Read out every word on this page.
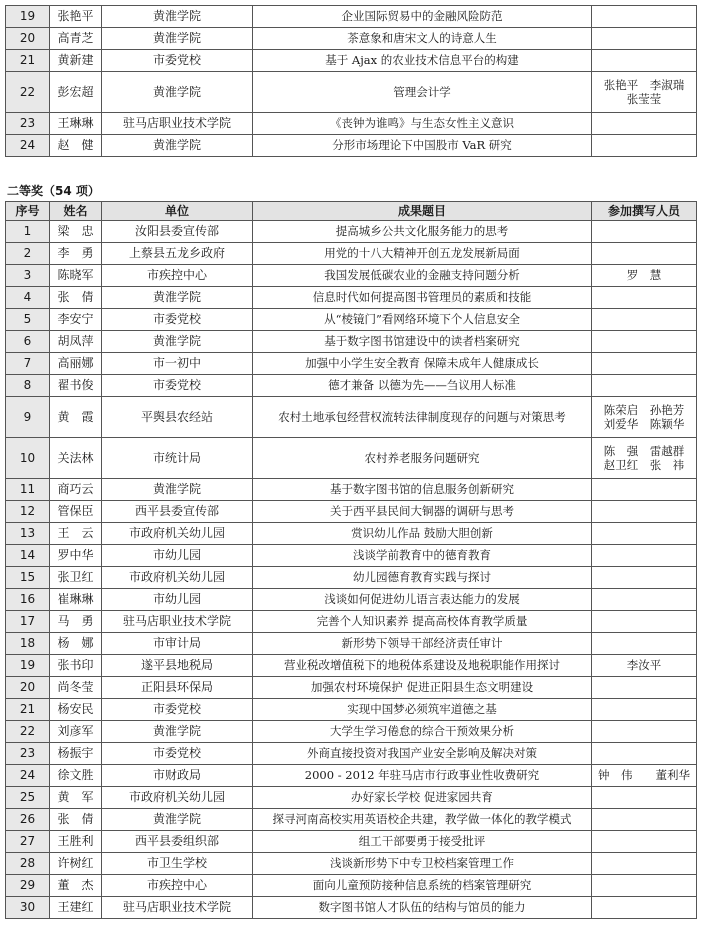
19	张艳平	黄淮学院	企业国际贸易中的金融风险防范	
20	高青芝	黄淮学院	茶意象和唐宋文人的诗意人生	
21	黄新建	市委党校	基于 Ajax 的农业技术信息平台的构建	
22	彭宏超	黄淮学院	管理会计学	张艳平　李淑瑞
张莹莹

23	王琳琳	驻马店职业技术学院	《丧钟为谁鸣》与生态女性主义意识	
24	赵　健	黄淮学院	分形市场理论下中国股市 VaR 研究	
二等奖（54 项）
序号	姓名	单位	成果题目	参加撰写人员
1	梁　忠	汝阳县委宣传部	提高城乡公共文化服务能力的思考	
2	李　勇	上蔡县五龙乡政府	用党的十八大精神开创五龙发展新局面	
3	陈晓军	市疾控中心	我国发展低碳农业的金融支持问题分析	罗　慧

4	张　倩	黄淮学院	信息时代如何提高图书管理员的素质和技能	
5	李安宁	市委党校	从“棱镜门”看网络环境下个人信息安全	
6	胡凤萍	黄淮学院	基于数字图书馆建设中的读者档案研究	
7	高丽娜	市一初中	加强中小学生安全教育 保障未成年人健康成长	
8	翟书俊	市委党校	德才兼备 以德为先——刍议用人标准	
9	黄　霞	平舆县农经站	农村土地承包经营权流转法律制度现存的问题与对策思考	陈荣启　孙艳芳
刘爱华　陈颖华

10	关法林	市统计局	农村养老服务问题研究	陈　强　雷越群
赵卫红　张　祎

11	商巧云	黄淮学院	基于数字图书馆的信息服务创新研究	
12	管保臣	西平县委宣传部	关于西平县民间大铜器的调研与思考	
13	王　云	市政府机关幼儿园	赏识幼儿作品 鼓励大胆创新	
14	罗中华	市幼儿园	浅谈学前教育中的德育教育	
15	张卫红	市政府机关幼儿园	幼儿园德育教育实践与探讨	
16	崔琳琳	市幼儿园	浅谈如何促进幼儿语言表达能力的发展	
17	马　勇	驻马店职业技术学院	完善个人知识素养 提高高校体育教学质量	
18	杨　娜	市审计局	新形势下领导干部经济责任审计	
19	张书印	遂平县地税局	营业税改增值税下的地税体系建设及地税职能作用探讨	李汝平

20	尚冬莹	正阳县环保局	加强农村环境保护 促进正阳县生态文明建设	
21	杨安民	市委党校	实现中国梦必须筑牢道德之基	
22	刘彦军	黄淮学院	大学生学习倦怠的综合干预效果分析	
23	杨振宇	市委党校	外商直接投资对我国产业安全影响及解决对策	
24	徐文胜	市财政局	2000 - 2012 年驻马店市行政事业性收费研究	钟　伟　　董利华

25	黄　军	市政府机关幼儿园	办好家长学校 促进家园共育	
26	张　倩	黄淮学院	探寻河南高校实用英语校企共建，教学做一体化的教学模式	
27	王胜利	西平县委组织部	组工干部要勇于接受批评	
28	许树红	市卫生学校	浅谈新形势下中专卫校档案管理工作	
29	董　杰	市疾控中心	面向儿童预防接种信息系统的档案管理研究	
30	王建红	驻马店职业技术学院	数字图书馆人才队伍的结构与馆员的能力	
